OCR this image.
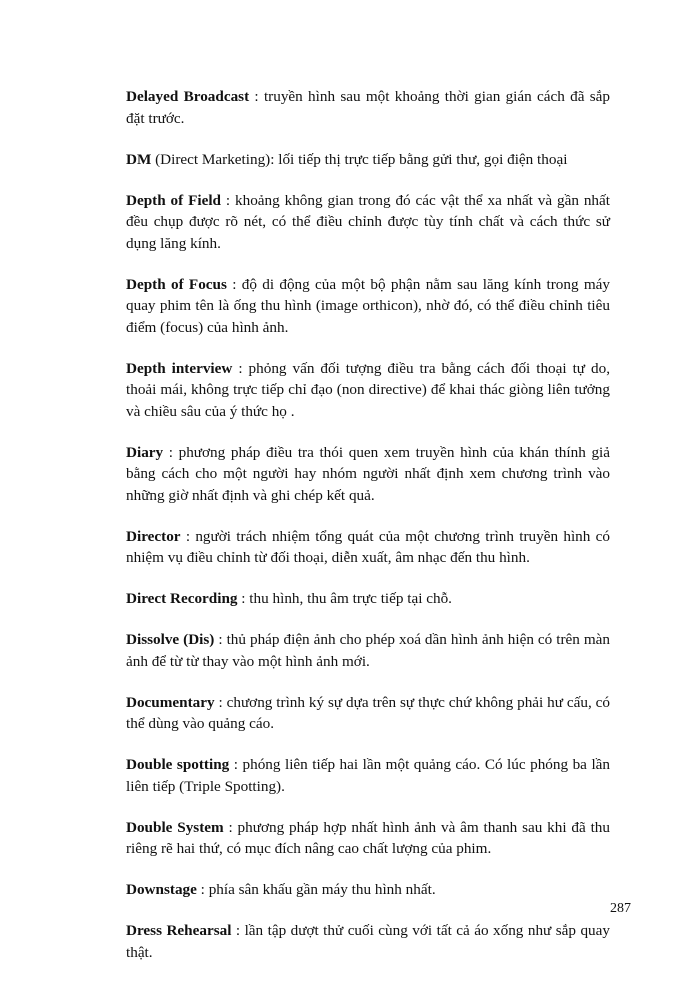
Delayed Broadcast : truyền hình sau một khoảng thời gian gián cách đã sắp đặt trước.

DM (Direct Marketing): lối tiếp thị trực tiếp bằng gửi thư, gọi điện thoại

Depth of Field : khoảng không gian trong đó các vật thể xa nhất và gần nhất đều chụp được rõ nét, có thể điều chỉnh được tùy tính chất và cách thức sử dụng lăng kính.

Depth of Focus : độ di động của một bộ phận nằm sau lăng kính trong máy quay phim tên là ống thu hình (image orthicon), nhờ đó, có thể điều chỉnh tiêu điểm (focus) của hình ảnh.

Depth interview : phỏng vấn đối tượng điều tra bằng cách đối thoại tự do, thoải mái, không trực tiếp chỉ đạo (non directive) để khai thác giòng liên tưởng và chiều sâu của ý thức họ .

Diary : phương pháp điều tra thói quen xem truyền hình của khán thính giả bằng cách cho một người hay nhóm người nhất định xem chương trình vào những giờ nhất định và ghi chép kết quả.

Director : người trách nhiệm tổng quát của một chương trình truyền hình có nhiệm vụ điều chỉnh từ đối thoại, diễn xuất, âm nhạc đến thu hình.

Direct Recording : thu hình, thu âm trực tiếp tại chỗ.

Dissolve (Dis) : thủ pháp điện ảnh cho phép xoá dần hình ảnh hiện có trên màn ảnh để từ từ thay vào một hình ảnh mới.

Documentary : chương trình ký sự dựa trên sự thực chứ không phải hư cấu, có thể dùng vào quảng cáo.

Double spotting : phóng liên tiếp hai lần một quảng cáo. Có lúc phóng ba lần liên tiếp (Triple Spotting).

Double System : phương pháp hợp nhất hình ảnh và âm thanh sau khi đã thu riêng rẽ hai thứ, có mục đích nâng cao chất lượng của phim.

Downstage : phía sân khấu gần máy thu hình nhất.

Dress Rehearsal : lần tập dượt thử cuối cùng với tất cả áo xống như sắp quay thật.

287
